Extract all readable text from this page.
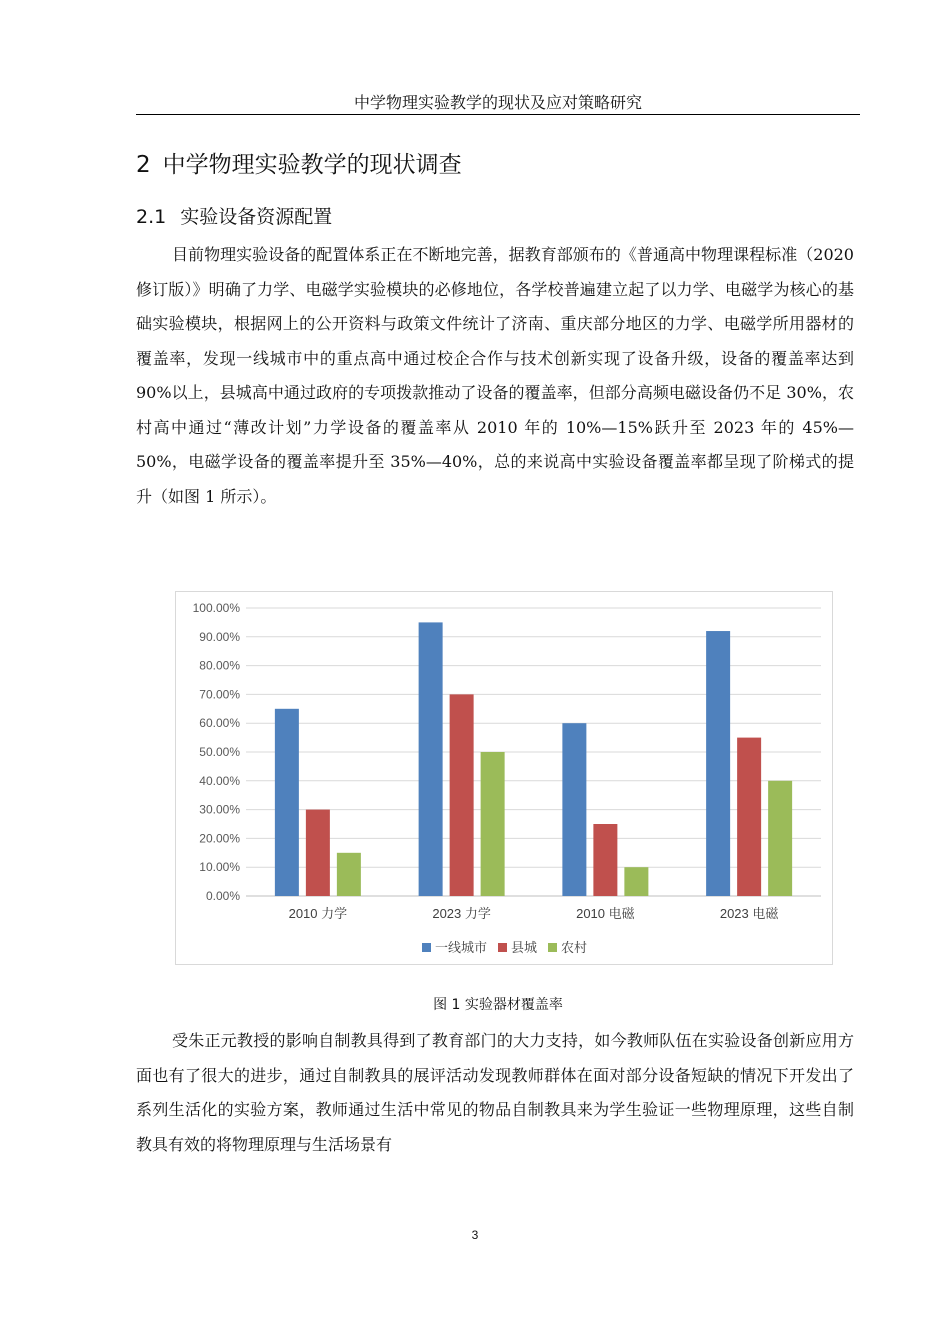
中学物理实验教学的现状及应对策略研究
2 中学物理实验教学的现状调查
2.1 实验设备资源配置

目前物理实验设备的配置体系正在不断地完善，据教育部颁布的《普通高中物理课程标准（2020 修订版）》明确了力学、电磁学实验模块的必修地位，各学校普遍建立起了以力学、电磁学为核心的基础实验模块，根据网上的公开资料与政策文件统计了济南、重庆部分地区的力学、电磁学所用器材的覆盖率，发现一线城市中的重点高中通过校企合作与技术创新实现了设备升级，设备的覆盖率达到 90%以上，县城高中通过政府的专项拨款推动了设备的覆盖率，但部分高频电磁设备仍不足 30%，农村高中通过“薄改计划”力学设备的覆盖率从 2010 年的 10%—15%跃升至 2023 年的 45%—50%，电磁学设备的覆盖率提升至 35%—40%，总的来说高中实验设备覆盖率都呈现了阶梯式的提升（如图 1 所示）。

0.00%
10.00%
20.00%
30.00%
40.00%
50.00%
60.00%
70.00%
80.00%
90.00%
100.00%
2010 力学	2023 力学	2010 电磁	2023 电磁
一线城市 县城 农村
图 1 实验器材覆盖率

受朱正元教授的影响自制教具得到了教育部门的大力支持，如今教师队伍在实验设备创新应用方面也有了很大的进步，通过自制教具的展评活动发现教师群体在面对部分设备短缺的情况下开发出了系列生活化的实验方案，教师通过生活中常见的物品自制教具来为学生验证一些物理原理，这些自制教具有效的将物理原理与生活场景有

3
